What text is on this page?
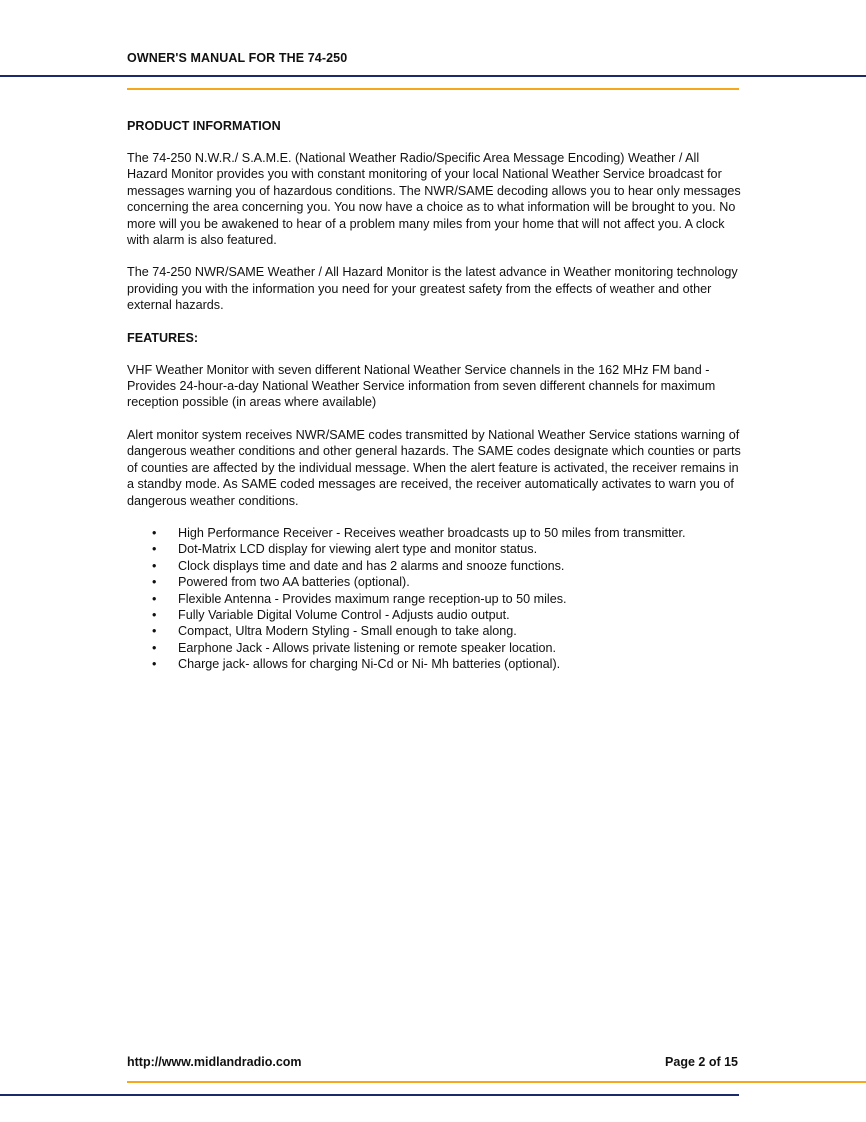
OWNER'S MANUAL FOR THE 74-250
PRODUCT INFORMATION

The 74-250 N.W.R./ S.A.M.E. (National Weather Radio/Specific Area Message Encoding) Weather / All Hazard Monitor provides you with constant monitoring of your local National Weather Service broadcast for messages warning you of hazardous conditions. The NWR/SAME decoding allows you to hear only messages concerning the area concerning you. You now have a choice as to what information will be brought to you. No more will you be awakened to hear of a problem many miles from your home that will not affect you. A clock with alarm is also featured.

The 74-250 NWR/SAME Weather / All Hazard Monitor is the latest advance in Weather monitoring technology providing you with the information you need for your greatest safety from the effects of weather and other external hazards.

FEATURES:

VHF Weather Monitor with seven different National Weather Service channels in the 162 MHz FM band - Provides 24-hour-a-day National Weather Service information from seven different channels for maximum reception possible (in areas where available)

Alert monitor system receives NWR/SAME codes transmitted by National Weather Service stations warning of dangerous weather conditions and other general hazards. The SAME codes designate which counties or parts of counties are affected by the individual message. When the alert feature is activated, the receiver remains in a standby mode. As SAME coded messages are received, the receiver automatically activates to warn you of dangerous weather conditions.

• High Performance Receiver - Receives weather broadcasts up to 50 miles from transmitter.
• Dot-Matrix LCD display for viewing alert type and monitor status.
• Clock displays time and date and has 2 alarms and snooze functions.
• Powered from two AA batteries (optional).
• Flexible Antenna - Provides maximum range reception-up to 50 miles.
• Fully Variable Digital Volume Control - Adjusts audio output.
• Compact, Ultra Modern Styling - Small enough to take along.
• Earphone Jack - Allows private listening or remote speaker location.
• Charge jack- allows for charging Ni-Cd or Ni- Mh batteries (optional).
http://www.midlandradio.com	Page 2 of 15
